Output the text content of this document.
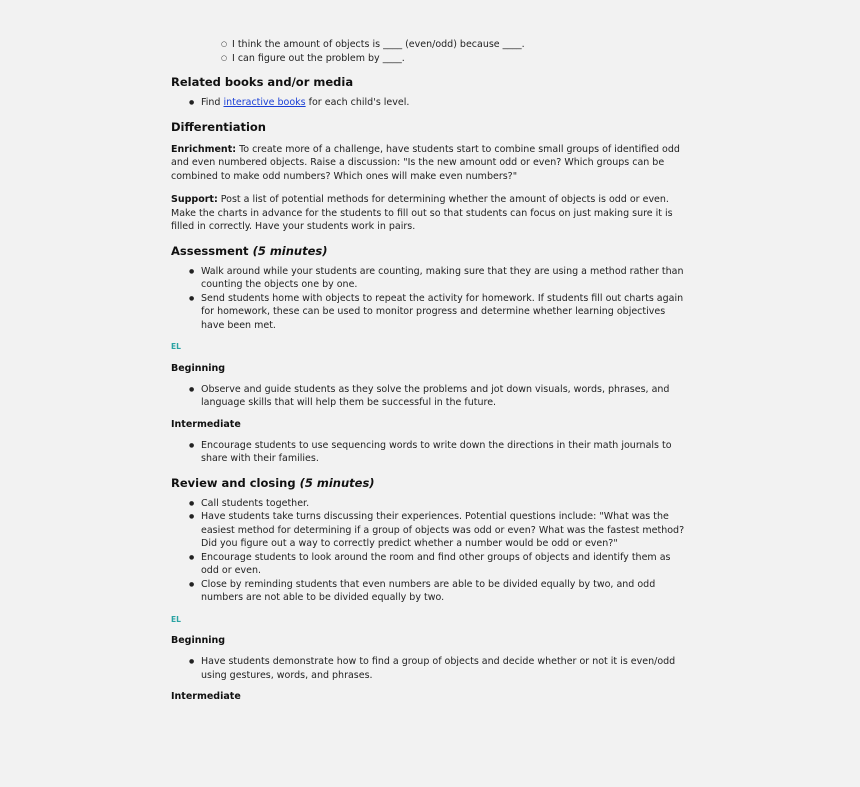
○ I think the amount of objects is ____ (even/odd) because ____.
○ I can figure out the problem by ____.
Related books and/or media
● Find interactive books for each child's level.
Differentiation

Enrichment: To create more of a challenge, have students start to combine small groups of identified odd and even numbered objects. Raise a discussion: "Is the new amount odd or even? Which groups can be combined to make odd numbers? Which ones will make even numbers?"

Support: Post a list of potential methods for determining whether the amount of objects is odd or even. Make the charts in advance for the students to fill out so that students can focus on just making sure it is filled in correctly. Have your students work in pairs.

Assessment (5 minutes)
● Walk around while your students are counting, making sure that they are using a method rather than counting the objects one by one.
● Send students home with objects to repeat the activity for homework. If students fill out charts again for homework, these can be used to monitor progress and determine whether learning objectives have been met.
EL
Beginning
● Observe and guide students as they solve the problems and jot down visuals, words, phrases, and language skills that will help them be successful in the future.
Intermediate
● Encourage students to use sequencing words to write down the directions in their math journals to share with their families.
Review and closing (5 minutes)
● Call students together.
● Have students take turns discussing their experiences. Potential questions include: "What was the easiest method for determining if a group of objects was odd or even? What was the fastest method? Did you figure out a way to correctly predict whether a number would be odd or even?"
● Encourage students to look around the room and find other groups of objects and identify them as odd or even.
● Close by reminding students that even numbers are able to be divided equally by two, and odd numbers are not able to be divided equally by two.
EL
Beginning
● Have students demonstrate how to find a group of objects and decide whether or not it is even/odd using gestures, words, and phrases.
Intermediate
